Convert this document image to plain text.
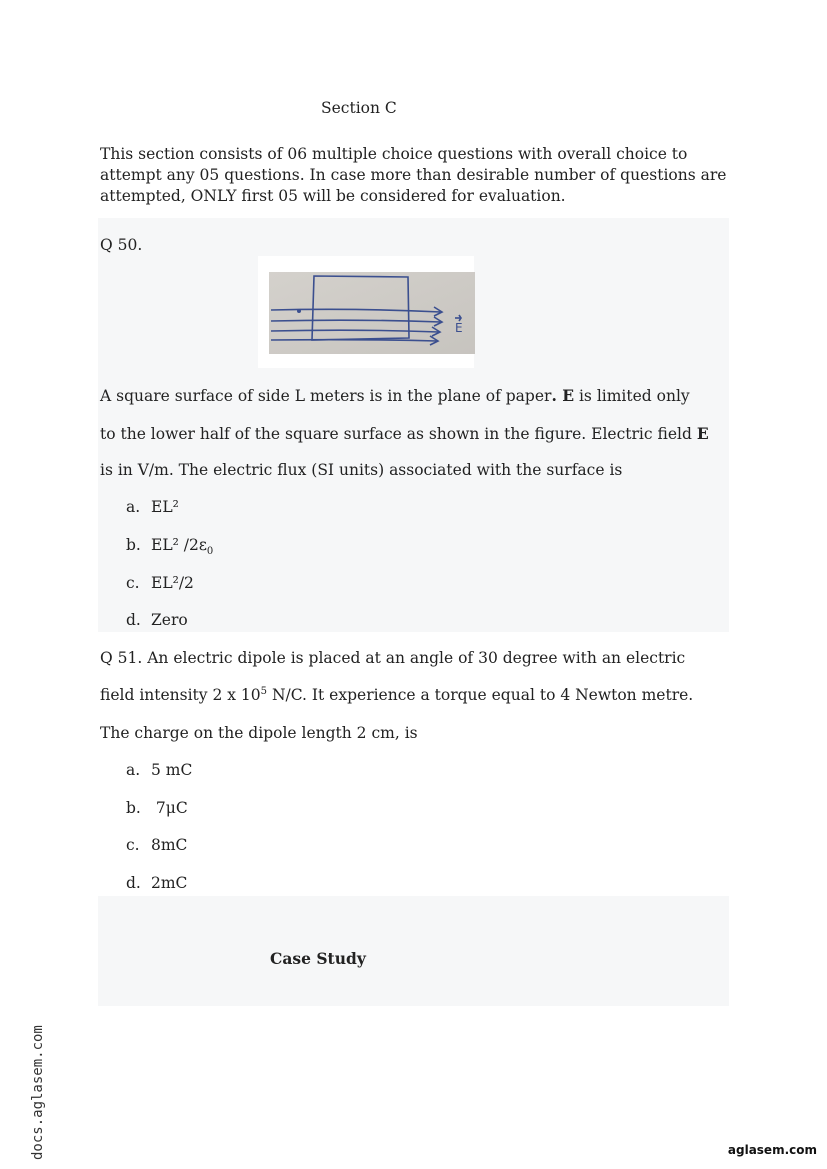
Section C
This section consists of 06 multiple choice questions with overall choice to attempt any 05 questions. In case more than desirable number of questions are attempted, ONLY first 05 will be considered for evaluation.
Q 50.
E
A square surface of side L meters is in the plane of paper. E is limited only
to the lower half of the square surface as shown in the figure. Electric field E
is in V/m. The electric flux (SI units) associated with the surface is
a. EL²
b. EL² $/2\varepsilon_0$
c. EL²/2
d. Zero
Q 51. An electric dipole is placed at an angle of 30 degree with an electric
field intensity 2 x $10^5$ N/C. It experience a torque equal to 4 Newton metre.
The charge on the dipole length 2 cm, is
a. 5 mC
b. 7μC
c. 8mC
d. 2mC
Case Study
docs.aglasem.com	aglasem.com
